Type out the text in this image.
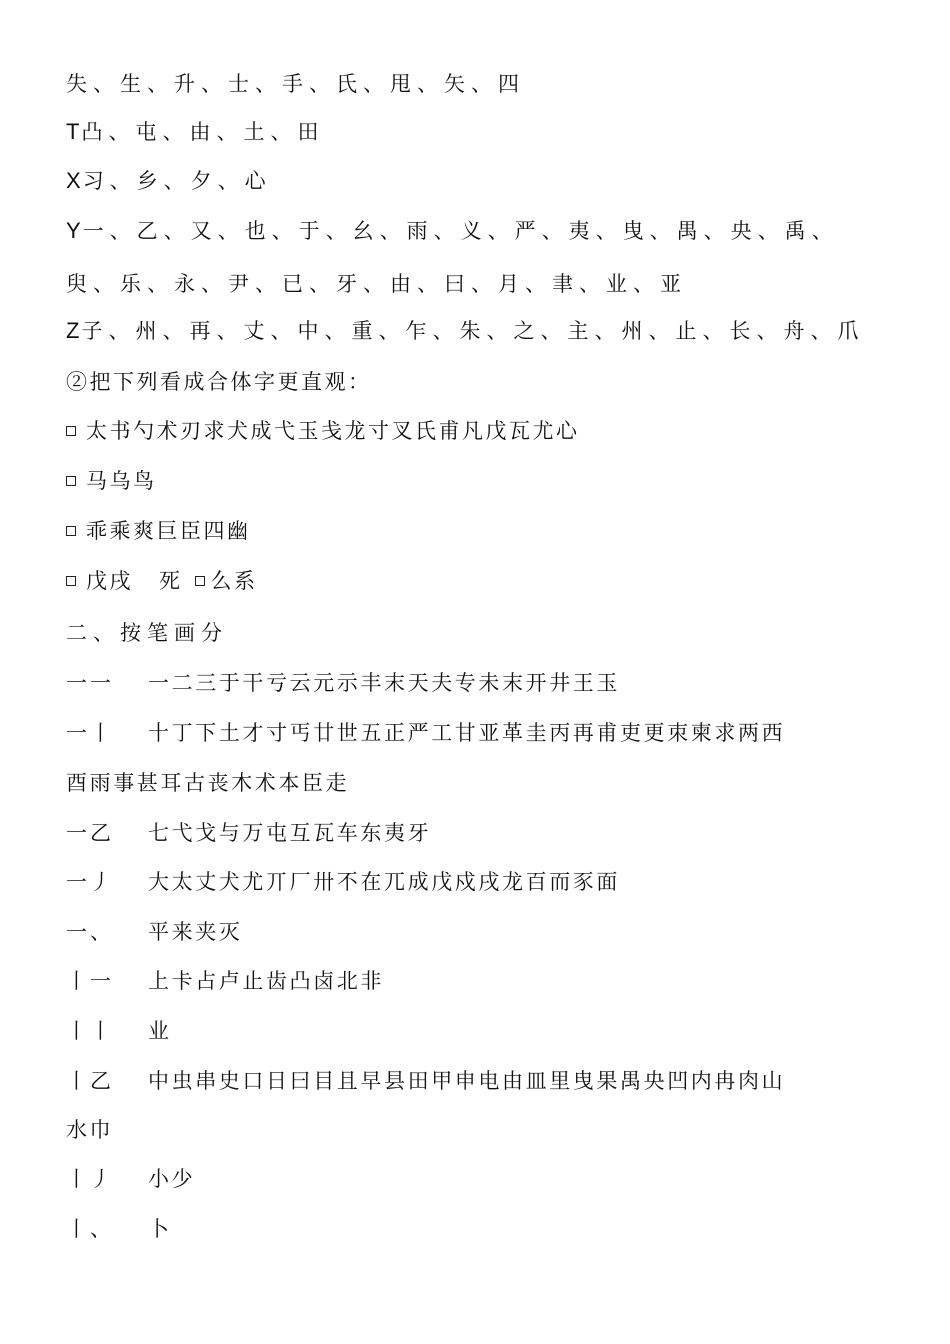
失、生、升、士、手、氏、甩、矢、四
T凸、屯、由、土、田
X习、乡、夕、心
Y一、乙、又、也、于、幺、雨、义、严、夷、曳、禺、央、禹、
臾、乐、永、尹、已、牙、由、曰、月、聿、业、亚
Z子、州、再、丈、中、重、乍、朱、之、主、州、止、长、舟、爪
②把下列看成合体字更直观：
太书勺术刃求犬成弋玉戋龙寸叉氏甫凡戊瓦尤心
马乌鸟
乖乘爽巨臣四幽
戊戌 死 么系
二、按笔画分
一一 一二三于干亏云元示丰末天夫专未末开井王玉
一丨 十丁下土才寸丐廿世五正严工甘亚革圭丙再甫吏更朿柬求两西
酉雨事甚耳古丧木术本臣走
一乙 七弋戈与万屯互瓦车东夷牙
一丿 大太丈犬尤丌厂卅不在兀成戊戍戌龙百而豕面
一、 平来夹灭
丨一 上卡占卢止齿凸卤北非
丨丨 业
丨乙 中虫串史口日曰目且早县田甲申电由皿里曳果禺央凹内冉肉山
水巾
丨丿 小少
丨、 卜
